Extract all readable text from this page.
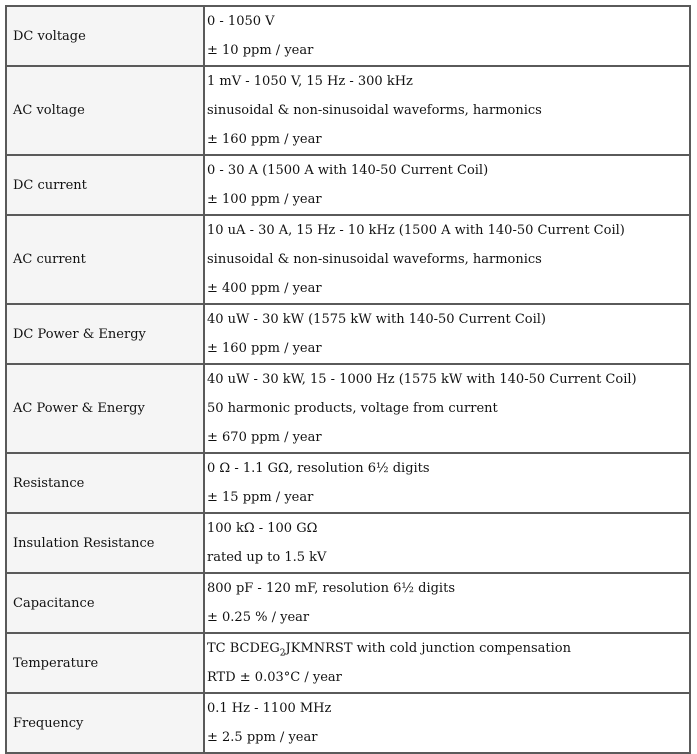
DC voltage	0 - 1050 V
± 10 ppm / year

AC voltage	1 mV - 1050 V, 15 Hz - 300 kHz
sinusoidal & non-sinusoidal waveforms, harmonics
± 160 ppm / year

DC current	0 - 30 A (1500 A with 140-50 Current Coil)
± 100 ppm / year

AC current	10 uA - 30 A, 15 Hz - 10 kHz (1500 A with 140-50 Current Coil)
sinusoidal & non-sinusoidal waveforms, harmonics
± 400 ppm / year

DC Power & Energy	40 uW - 30 kW (1575 kW with 140-50 Current Coil)
± 160 ppm / year

AC Power & Energy	40 uW - 30 kW, 15 - 1000 Hz (1575 kW with 140-50 Current Coil)
50 harmonic products, voltage from current
± 670 ppm / year

Resistance	0 Ω - 1.1 GΩ, resolution 6½ digits
± 15 ppm / year

Insulation Resistance	100 kΩ - 100 GΩ
rated up to 1.5 kV

Capacitance	800 pF - 120 mF, resolution 6½ digits
± 0.25 % / year

Temperature	TC $BCDEG_2JKMNRST$ with cold junction compensation
RTD ± 0.03°C / year

Frequency	0.1 Hz - 1100 MHz
± 2.5 ppm / year
